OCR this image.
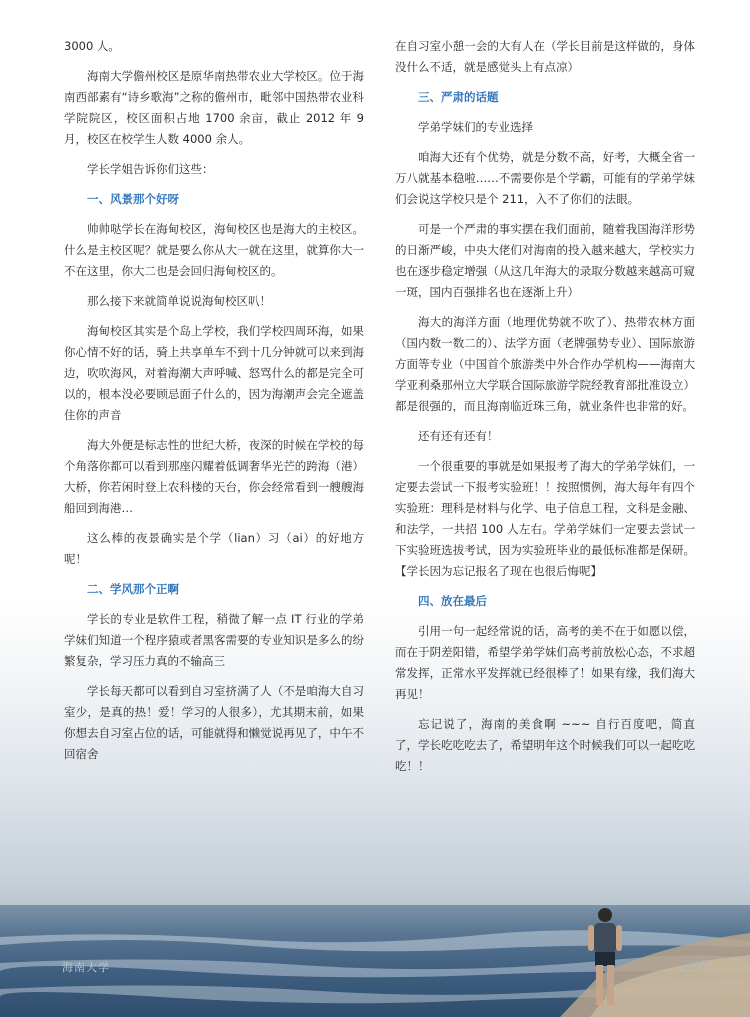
3000 人。

海南大学儋州校区是原华南热带农业大学校区。位于海南西部素有“诗乡歌海”之称的儋州市，毗邻中国热带农业科学院院区，校区面积占地 1700 余亩，截止 2012 年 9 月，校区在校学生人数 4000 余人。

学长学姐告诉你们这些：

一、风景那个好呀

帅帅哒学长在海甸校区，海甸校区也是海大的主校区。什么是主校区呢？就是要么你从大一就在这里，就算你大一不在这里，你大二也是会回归海甸校区的。

那么接下来就简单说说海甸校区叭！

海甸校区其实是个岛上学校，我们学校四周环海，如果你心情不好的话，骑上共享单车不到十几分钟就可以来到海边，吹吹海风，对着海潮大声呼喊、怒骂什么的都是完全可以的，根本没必要顾忌面子什么的，因为海潮声会完全遮盖住你的声音

海大外便是标志性的世纪大桥，夜深的时候在学校的每个角落你都可以看到那座闪耀着低调奢华光芒的跨海（港）大桥，你若闲时登上农科楼的天台，你会经常看到一艘艘海船回到海港…

这么棒的夜景确实是个学（lian）习（ai）的好地方呢！

二、学风那个正啊

学长的专业是软件工程，稍微了解一点 IT 行业的学弟学妹们知道一个程序猿或者黑客需要的专业知识是多么的纷繁复杂，学习压力真的不输高三

学长每天都可以看到自习室挤满了人（不是咱海大自习室少，是真的热！爱！学习的人很多），尤其期末前，如果你想去自习室占位的话，可能就得和懒觉说再见了，中午不回宿舍

在自习室小憩一会的大有人在（学长目前是这样做的，身体没什么不适，就是感觉头上有点凉）

三、严肃的话题

学弟学妹们的专业选择

咱海大还有个优势，就是分数不高，好考，大概全省一万八就基本稳啦……不需要你是个学霸，可能有的学弟学妹们会说这学校只是个 211，入不了你们的法眼。

可是一个严肃的事实摆在我们面前，随着我国海洋形势的日渐严峻，中央大佬们对海南的投入越来越大，学校实力也在逐步稳定增强（从这几年海大的录取分数越来越高可窥一斑，国内百强排名也在逐渐上升）

海大的海洋方面（地理优势就不吹了）、热带农林方面（国内数一数二的）、法学方面（老牌强势专业）、国际旅游方面等专业（中国首个旅游类中外合作办学机构——海南大学亚利桑那州立大学联合国际旅游学院经教育部批准设立）都是很强的，而且海南临近珠三角，就业条件也非常的好。

还有还有还有！

一个很重要的事就是如果报考了海大的学弟学妹们，一定要去尝试一下报考实验班！！按照惯例，海大每年有四个实验班：理科是材料与化学、电子信息工程，文科是金融、和法学，一共招 100 人左右。学弟学妹们一定要去尝试一下实验班选拔考试，因为实验班毕业的最低标准都是保研。【学长因为忘记报名了现在也很后悔呢】

四、放在最后

引用一句一起经常说的话，高考的美不在于如愿以偿，而在于阴差阳错，希望学弟学妹们高考前放松心态，不求超常发挥，正常水平发挥就已经很棒了！如果有缘，我们海大再见！

忘记说了，海南的美食啊 ~~~ 自行百度吧，简直了，学长吃吃吃去了，希望明年这个时候我们可以一起吃吃吃！！

海南大学	297
